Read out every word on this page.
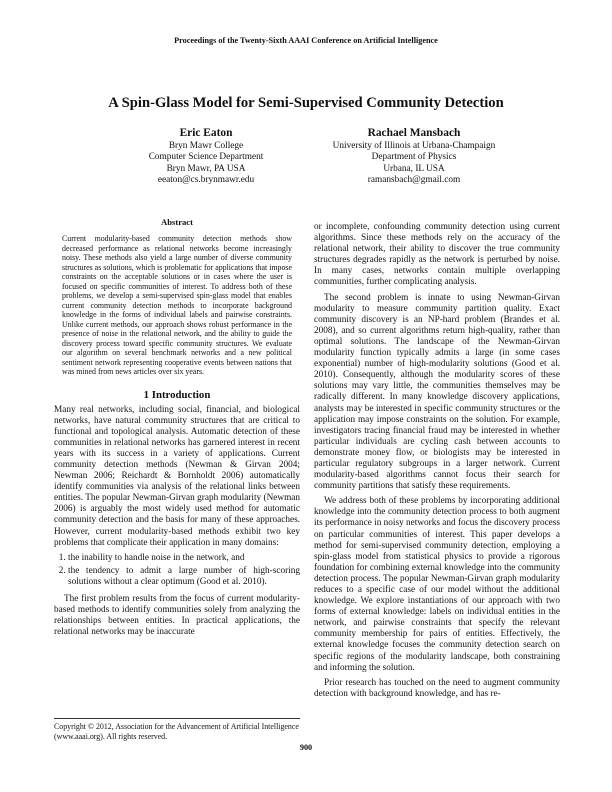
Proceedings of the Twenty-Sixth AAAI Conference on Artificial Intelligence
A Spin-Glass Model for Semi-Supervised Community Detection
Eric Eaton
Bryn Mawr College
Computer Science Department
Bryn Mawr, PA USA
eeaton@cs.brynmawr.edu
Rachael Mansbach
University of Illinois at Urbana-Champaign
Department of Physics
Urbana, IL USA
ramansbach@gmail.com
Abstract
Current modularity-based community detection methods show decreased performance as relational networks become increasingly noisy. These methods also yield a large number of diverse community structures as solutions, which is problematic for applications that impose constraints on the acceptable solutions or in cases where the user is focused on specific communities of interest. To address both of these problems, we develop a semi-supervised spin-glass model that enables current community detection methods to incorporate background knowledge in the forms of individual labels and pairwise constraints. Unlike current methods, our approach shows robust performance in the presence of noise in the relational network, and the ability to guide the discovery process toward specific community structures. We evaluate our algorithm on several benchmark networks and a new political sentiment network representing cooperative events between nations that was mined from news articles over six years.
1 Introduction

Many real networks, including social, financial, and biological networks, have natural community structures that are critical to functional and topological analysis. Automatic detection of these communities in relational networks has garnered interest in recent years with its success in a variety of applications. Current community detection methods (Newman & Girvan 2004; Newman 2006; Reichardt & Bornholdt 2006) automatically identify communities via analysis of the relational links between entities. The popular Newman-Girvan graph modularity (Newman 2006) is arguably the most widely used method for automatic community detection and the basis for many of these approaches. However, current modularity-based methods exhibit two key problems that complicate their application in many domains:

1. the inability to handle noise in the network, and
2. the tendency to admit a large number of high-scoring solutions without a clear optimum (Good et al. 2010).

The first problem results from the focus of current modularity-based methods to identify communities solely from analyzing the relationships between entities. In practical applications, the relational networks may be inaccurate

or incomplete, confounding community detection using current algorithms. Since these methods rely on the accuracy of the relational network, their ability to discover the true community structures degrades rapidly as the network is perturbed by noise. In many cases, networks contain multiple overlapping communities, further complicating analysis.

The second problem is innate to using Newman-Girvan modularity to measure community partition quality. Exact community discovery is an NP-hard problem (Brandes et al. 2008), and so current algorithms return high-quality, rather than optimal solutions. The landscape of the Newman-Girvan modularity function typically admits a large (in some cases exponential) number of high-modularity solutions (Good et al. 2010). Consequently, although the modularity scores of these solutions may vary little, the communities themselves may be radically different. In many knowledge discovery applications, analysts may be interested in specific community structures or the application may impose constraints on the solution. For example, investigators tracing financial fraud may be interested in whether particular individuals are cycling cash between accounts to demonstrate money flow, or biologists may be interested in particular regulatory subgroups in a larger network. Current modularity-based algorithms cannot focus their search for community partitions that satisfy these requirements.

We address both of these problems by incorporating additional knowledge into the community detection process to both augment its performance in noisy networks and focus the discovery process on particular communities of interest. This paper develops a method for semi-supervised community detection, employing a spin-glass model from statistical physics to provide a rigorous foundation for combining external knowledge into the community detection process. The popular Newman-Girvan graph modularity reduces to a specific case of our model without the additional knowledge. We explore instantiations of our approach with two forms of external knowledge: labels on individual entities in the network, and pairwise constraints that specify the relevant community membership for pairs of entities. Effectively, the external knowledge focuses the community detection search on specific regions of the modularity landscape, both constraining and informing the solution.

Prior research has touched on the need to augment community detection with background knowledge, and has re-

Copyright © 2012, Association for the Advancement of Artificial Intelligence (www.aaai.org). All rights reserved.
900
